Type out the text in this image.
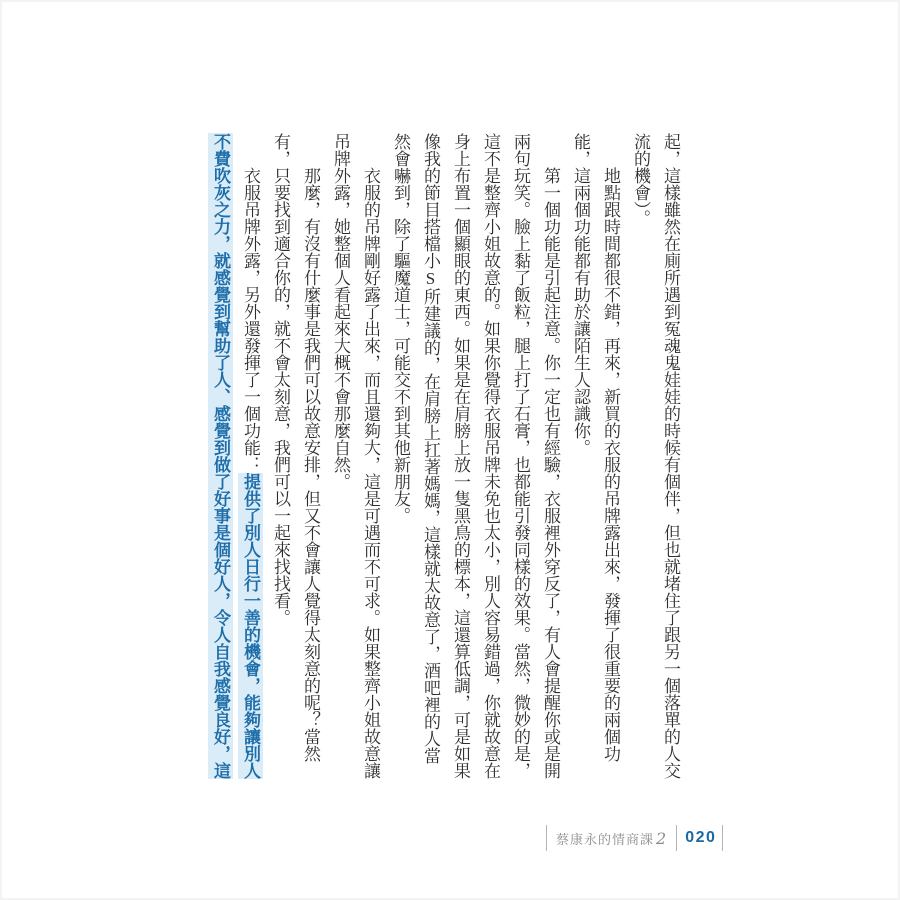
起，這樣雖然在廁所遇到冤魂鬼娃娃的時候有個伴，但也就堵住了跟另一個落單的人交流的機會）。

地點跟時間都很不錯，再來，新買的衣服的吊牌露出來，發揮了很重要的兩個功能，這兩個功能都有助於讓陌生人認識你。

第一個功能是引起注意。你一定也有經驗，衣服裡外穿反了，有人會提醒你或是開兩句玩笑。臉上黏了飯粒，腿上打了石膏，也都能引發同樣的效果。當然，微妙的是，這不是整齊小姐故意的。如果你覺得衣服吊牌未免也太小，別人容易錯過，你就故意在身上布置一個顯眼的東西。如果是在肩膀上放一隻黑鳥的標本，這還算低調，可是如果像我的節目搭檔小S所建議的，在肩膀上扛著媽媽，這樣就太故意了，酒吧裡的人當然會嚇到，除了驅魔道士，可能交不到其他新朋友。

衣服的吊牌剛好露了出來，而且還夠大，這是可遇而不可求。如果整齊小姐故意讓吊牌外露，她整個人看起來大概不會那麼自然。

那麼，有沒有什麼事是我們可以故意安排，但又不會讓人覺得太刻意的呢？當然有，只要找到適合你的，就不會太刻意，我們可以一起來找找看。

衣服吊牌外露，另外還發揮了一個功能：提供了別人日行一善的機會，能夠讓別人不費吹灰之力，就感覺到幫助了人、感覺到做了好事是個好人，令人自我感覺良好，這

蔡康永的情商課 2 020
